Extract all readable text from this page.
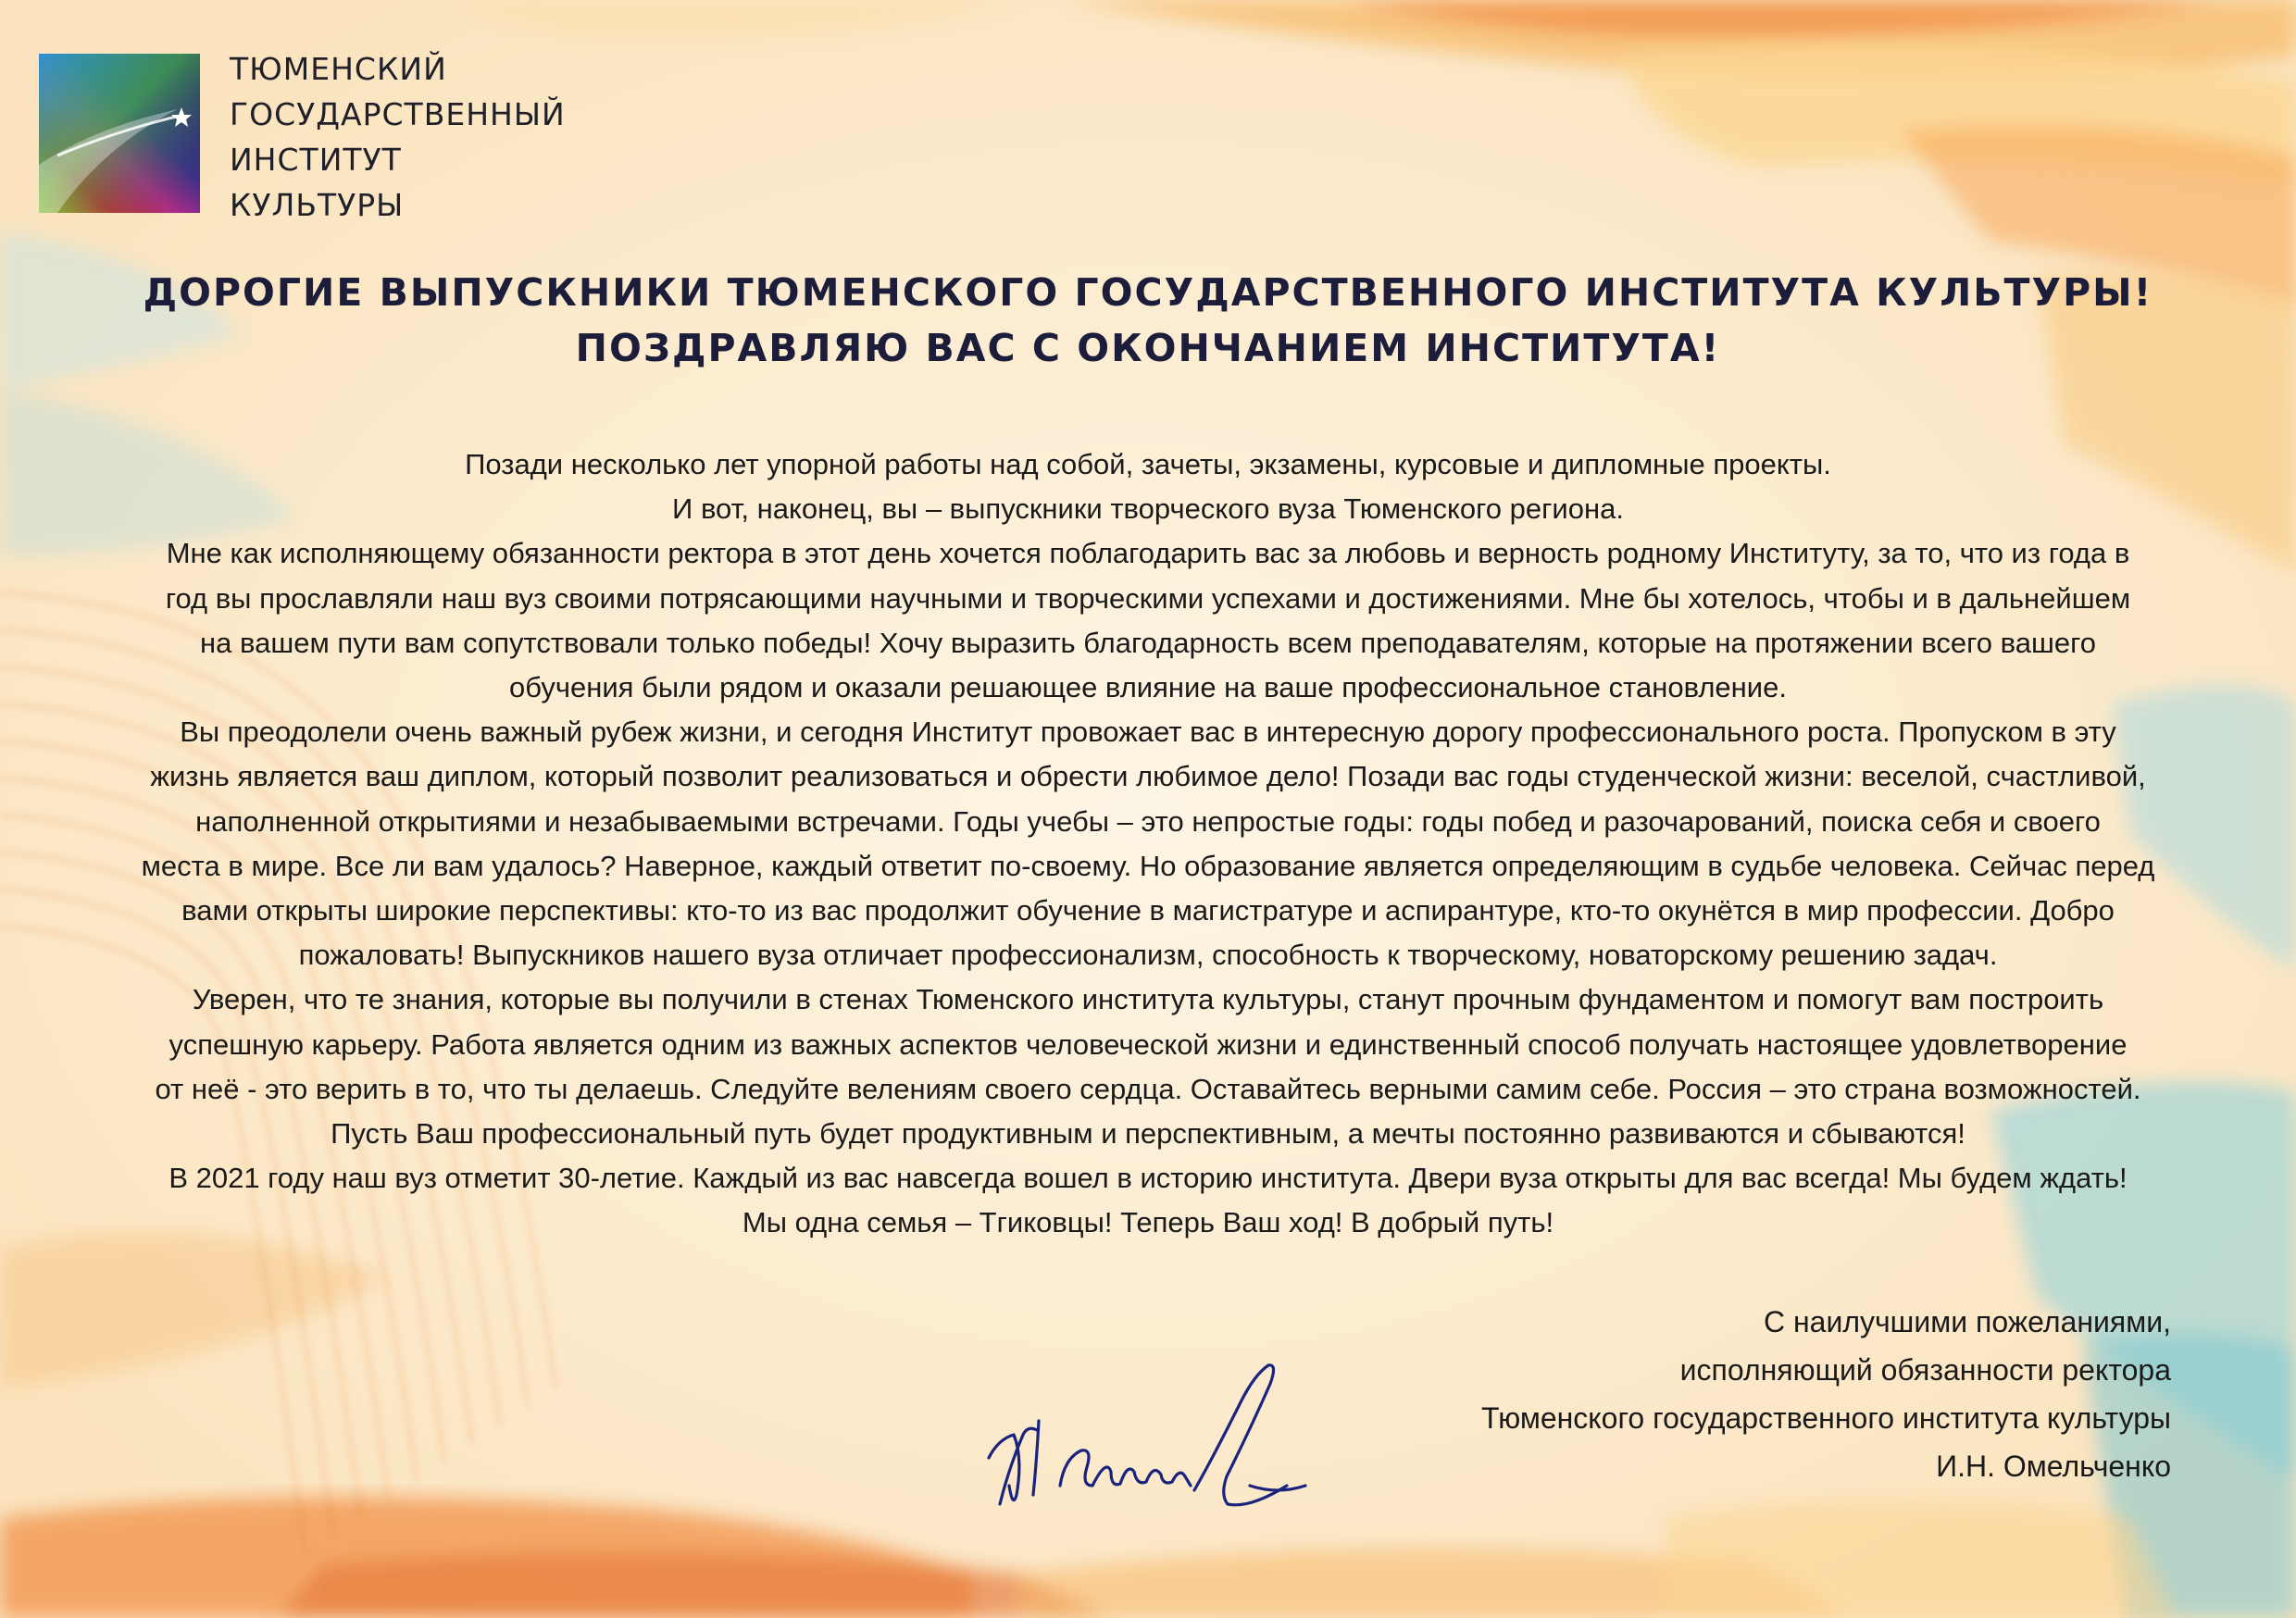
ТЮМЕНСКИЙ
ГОСУДАРСТВЕННЫЙ
ИНСТИТУТ
КУЛЬТУРЫ
ДОРОГИЕ ВЫПУСКНИКИ ТЮМЕНСКОГО ГОСУДАРСТВЕННОГО ИНСТИТУТА КУЛЬТУРЫ!
ПОЗДРАВЛЯЮ ВАС С ОКОНЧАНИЕМ ИНСТИТУТА!
Позади несколько лет упорной работы над собой, зачеты, экзамены, курсовые и дипломные проекты.
И вот, наконец, вы – выпускники творческого вуза Тюменского региона.
Мне как исполняющему обязанности ректора в этот день хочется поблагодарить вас за любовь и верность родному Институту, за то, что из года в
год вы прославляли наш вуз своими потрясающими научными и творческими успехами и достижениями. Мне бы хотелось, чтобы и в дальнейшем
на вашем пути вам сопутствовали только победы! Хочу выразить благодарность всем преподавателям, которые на протяжении всего вашего
обучения были рядом и оказали решающее влияние на ваше профессиональное становление.
Вы преодолели очень важный рубеж жизни, и сегодня Институт провожает вас в интересную дорогу профессионального роста. Пропуском в эту
жизнь является ваш диплом, который позволит реализоваться и обрести любимое дело! Позади вас годы студенческой жизни: веселой, счастливой,
наполненной открытиями и незабываемыми встречами. Годы учебы – это непростые годы: годы побед и разочарований, поиска себя и своего
места в мире. Все ли вам удалось? Наверное, каждый ответит по-своему. Но образование является определяющим в судьбе человека. Сейчас перед
вами открыты широкие перспективы: кто-то из вас продолжит обучение в магистратуре и аспирантуре, кто-то окунётся в мир профессии. Добро
пожаловать! Выпускников нашего вуза отличает профессионализм, способность к творческому, новаторскому решению задач.
Уверен, что те знания, которые вы получили в стенах Тюменского института культуры, станут прочным фундаментом и помогут вам построить
успешную карьеру. Работа является одним из важных аспектов человеческой жизни и единственный способ получать настоящее удовлетворение
от неё - это верить в то, что ты делаешь. Следуйте велениям своего сердца. Оставайтесь верными самим себе. Россия – это страна возможностей.
Пусть Ваш профессиональный путь будет продуктивным и перспективным, а мечты постоянно развиваются и сбываются!
В 2021 году наш вуз отметит 30-летие. Каждый из вас навсегда вошел в историю института. Двери вуза открыты для вас всегда! Мы будем ждать!
Мы одна семья – Тгиковцы! Теперь Ваш ход! В добрый путь!
С наилучшими пожеланиями,
исполняющий обязанности ректора
Тюменского государственного института культуры
И.Н. Омельченко
